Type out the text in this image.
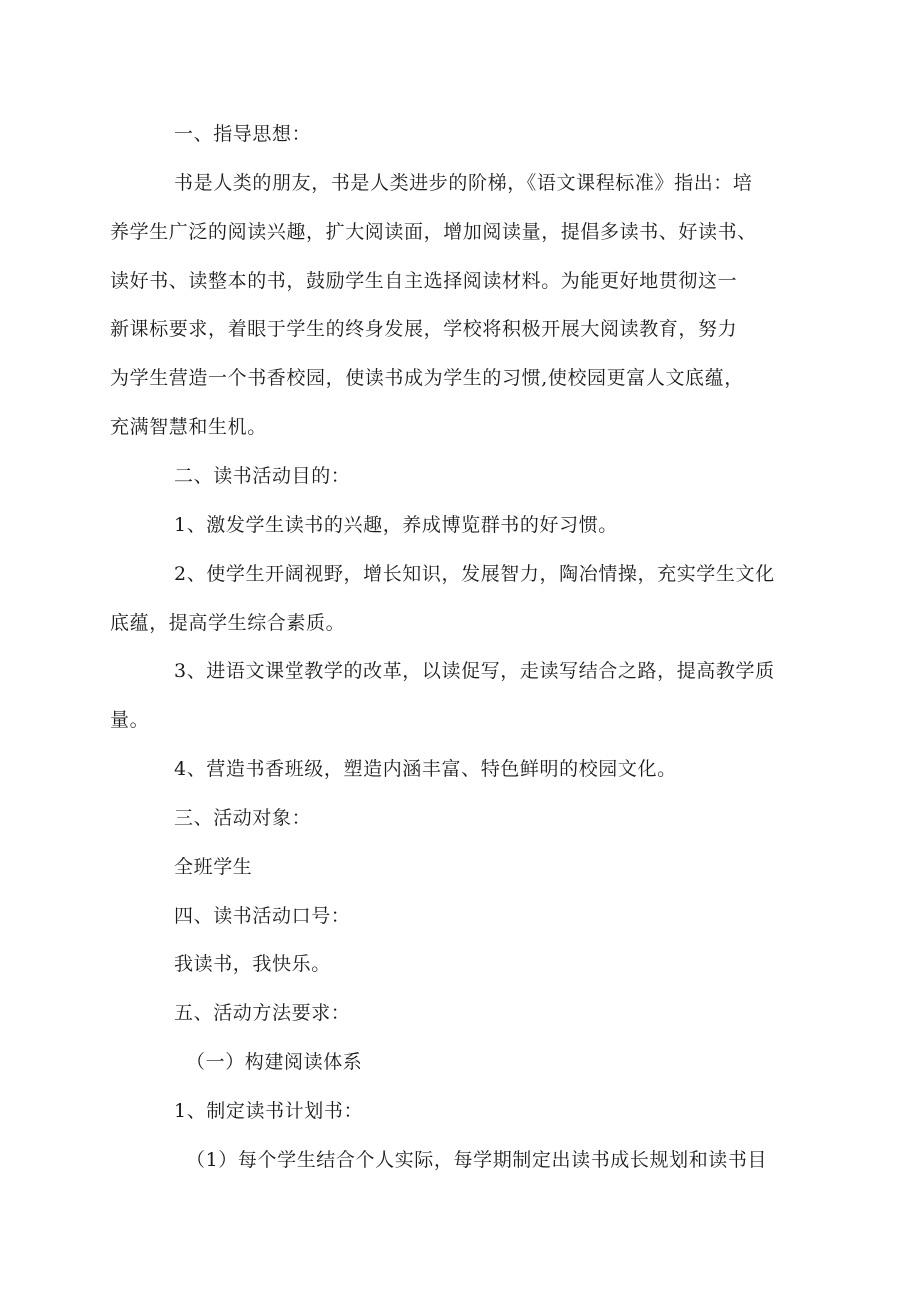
一、指导思想：
书是人类的朋友，书是人类进步的阶梯，《语文课程标准》指出：培
养学生广泛的阅读兴趣，扩大阅读面，增加阅读量，提倡多读书、好读书、
读好书、读整本的书，鼓励学生自主选择阅读材料。为能更好地贯彻这一
新课标要求，着眼于学生的终身发展，学校将积极开展大阅读教育，努力
为学生营造一个书香校园，使读书成为学生的习惯,使校园更富人文底蕴，
充满智慧和生机。
二、读书活动目的：
1、激发学生读书的兴趣，养成博览群书的好习惯。
2、使学生开阔视野，增长知识，发展智力，陶冶情操，充实学生文化
底蕴，提高学生综合素质。
3、进语文课堂教学的改革，以读促写，走读写结合之路，提高教学质
量。
4、营造书香班级，塑造内涵丰富、特色鲜明的校园文化。
三、活动对象：
全班学生
四、读书活动口号：
我读书，我快乐。
五、活动方法要求：
（一）构建阅读体系
1、制定读书计划书：
（1）每个学生结合个人实际，每学期制定出读书成长规划和读书目
